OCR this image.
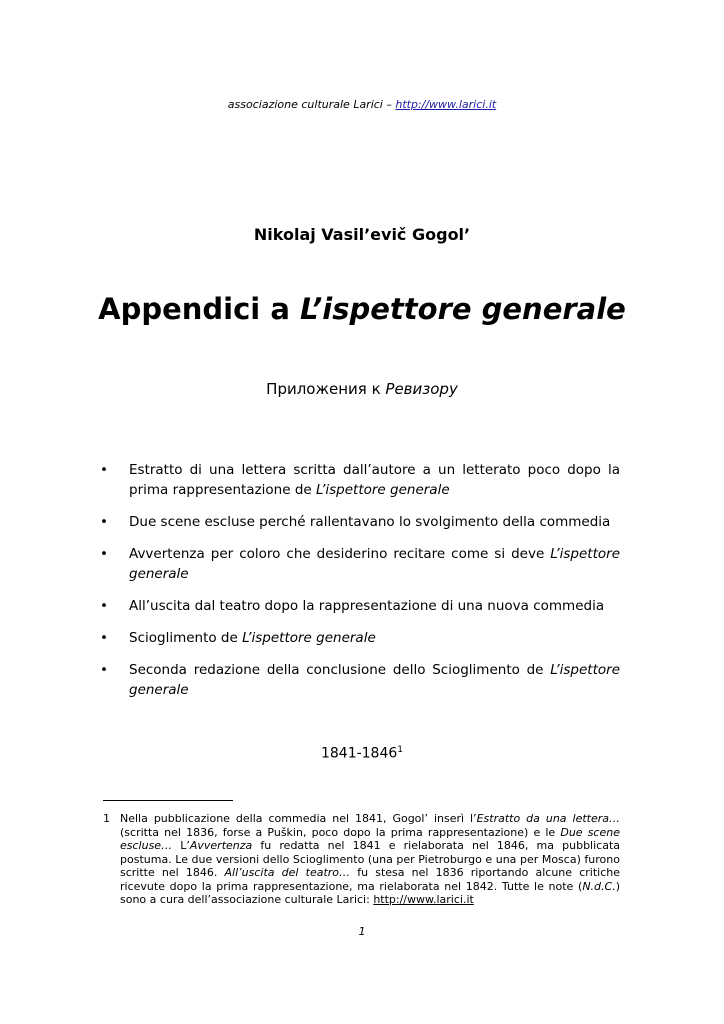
associazione culturale Larici – http://www.larici.it
Nikolaj Vasil’evič Gogol’
Appendici a L’ispettore generale
Приложения к Ревизору
• Estratto di una lettera scritta dall’autore a un letterato poco dopo la prima rappresentazione de L’ispettore generale
• Due scene escluse perché rallentavano lo svolgimento della commedia
• Avvertenza per coloro che desiderino recitare come si deve L’ispettore generale
• All’uscita dal teatro dopo la rappresentazione di una nuova commedia
• Scioglimento de L’ispettore generale
• Seconda redazione della conclusione dello Scioglimento de L’ispettore generale
1841-1846$^1$
1 Nella pubblicazione della commedia nel 1841, Gogol’ inserì l’Estratto da una lettera… (scritta nel 1836, forse a Puškin, poco dopo la prima rappresentazione) e le Due scene escluse… L’Avvertenza fu redatta nel 1841 e rielaborata nel 1846, ma pubblicata postuma. Le due versioni dello Scioglimento (una per Pietroburgo e una per Mosca) furono scritte nel 1846. All’uscita del teatro… fu stesa nel 1836 riportando alcune critiche ricevute dopo la prima rappresentazione, ma rielaborata nel 1842. Tutte le note (N.d.C.) sono a cura dell’associazione culturale Larici: http://www.larici.it
1
